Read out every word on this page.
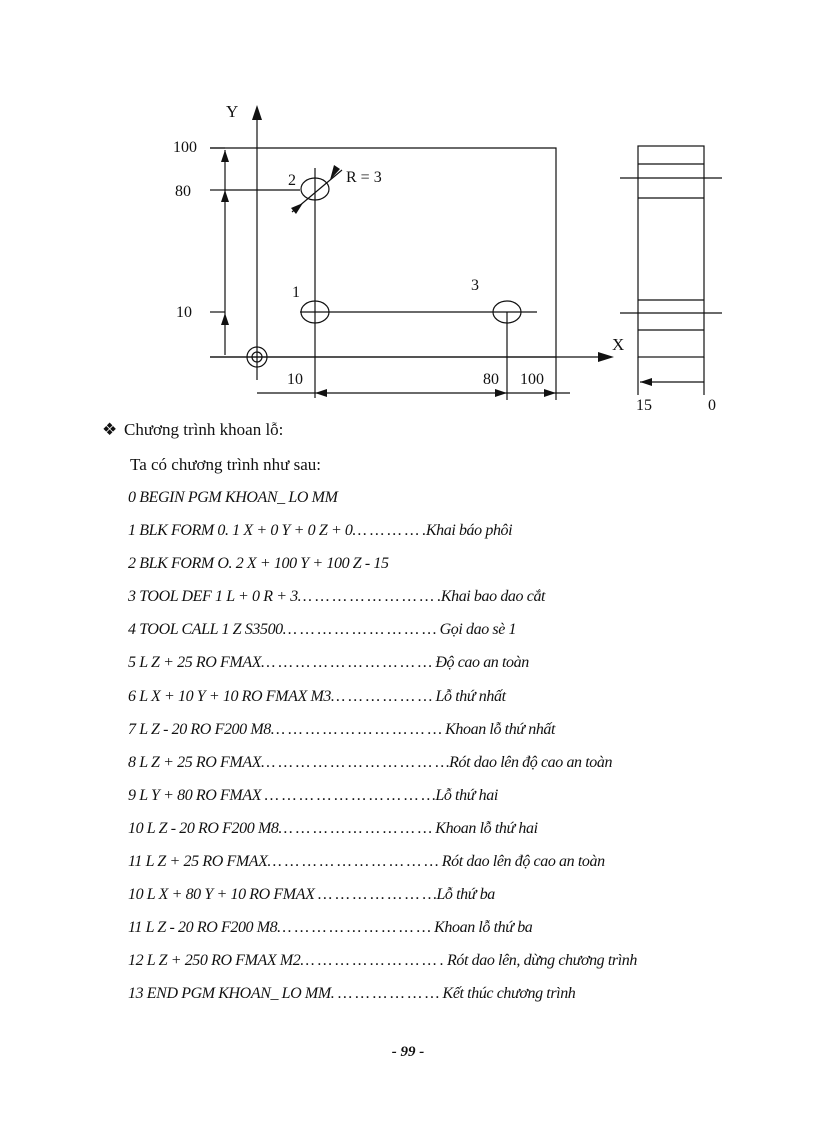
Y
X
100
80
10
10	80 100
1
2
3
R = 3
15	0
❖ Chương trình khoan lỗ:
Ta có chương trình như sau:
0 BEGIN PGM KHOAN_ LO MM
1 BLK FORM 0. 1 X + 0 Y + 0 Z + 0… … … … .Khai báo phôi
2 BLK FORM O. 2 X + 100 Y + 100 Z - 15
3 TOOL DEF 1 L + 0 R + 3… … … … … … … … .Khai bao dao cắt
4 TOOL CALL 1 Z S3500… … … … … … … … … Gọi dao sè 1
5 L Z + 25 RO FMAX… … … … … … … … … … Độ cao an toàn
6 L X + 10 Y + 10 RO FMAX M3… … … … … … Lỗ thứ nhất
7 L Z - 20 RO F200 M8… … … … … … … … … … Khoan lỗ thứ nhất
8 L Z + 25 RO FMAX… … … … … … … … … … …Rót dao lên độ cao an toàn
9 L Y + 80 RO FMAX … … … … … … … … … …Lỗ thứ hai
10 L Z - 20 RO F200 M8… … … … … … … … … Khoan lỗ thứ hai
11 L Z + 25 RO FMAX… … … … … … … … … … Rót dao lên độ cao an toàn
10 L X + 80 Y + 10 RO FMAX … … … … … … …Lỗ thứ ba
11 L Z - 20 RO F200 M8… … … … … … … … … Khoan lỗ thứ ba
12 L Z + 250 RO FMAX M2… … … … … … … … . Rót dao lên, dừng chương trình
13 END PGM KHOAN_ LO MM. … … … … … … Kết thúc chương trình
- 99 -
